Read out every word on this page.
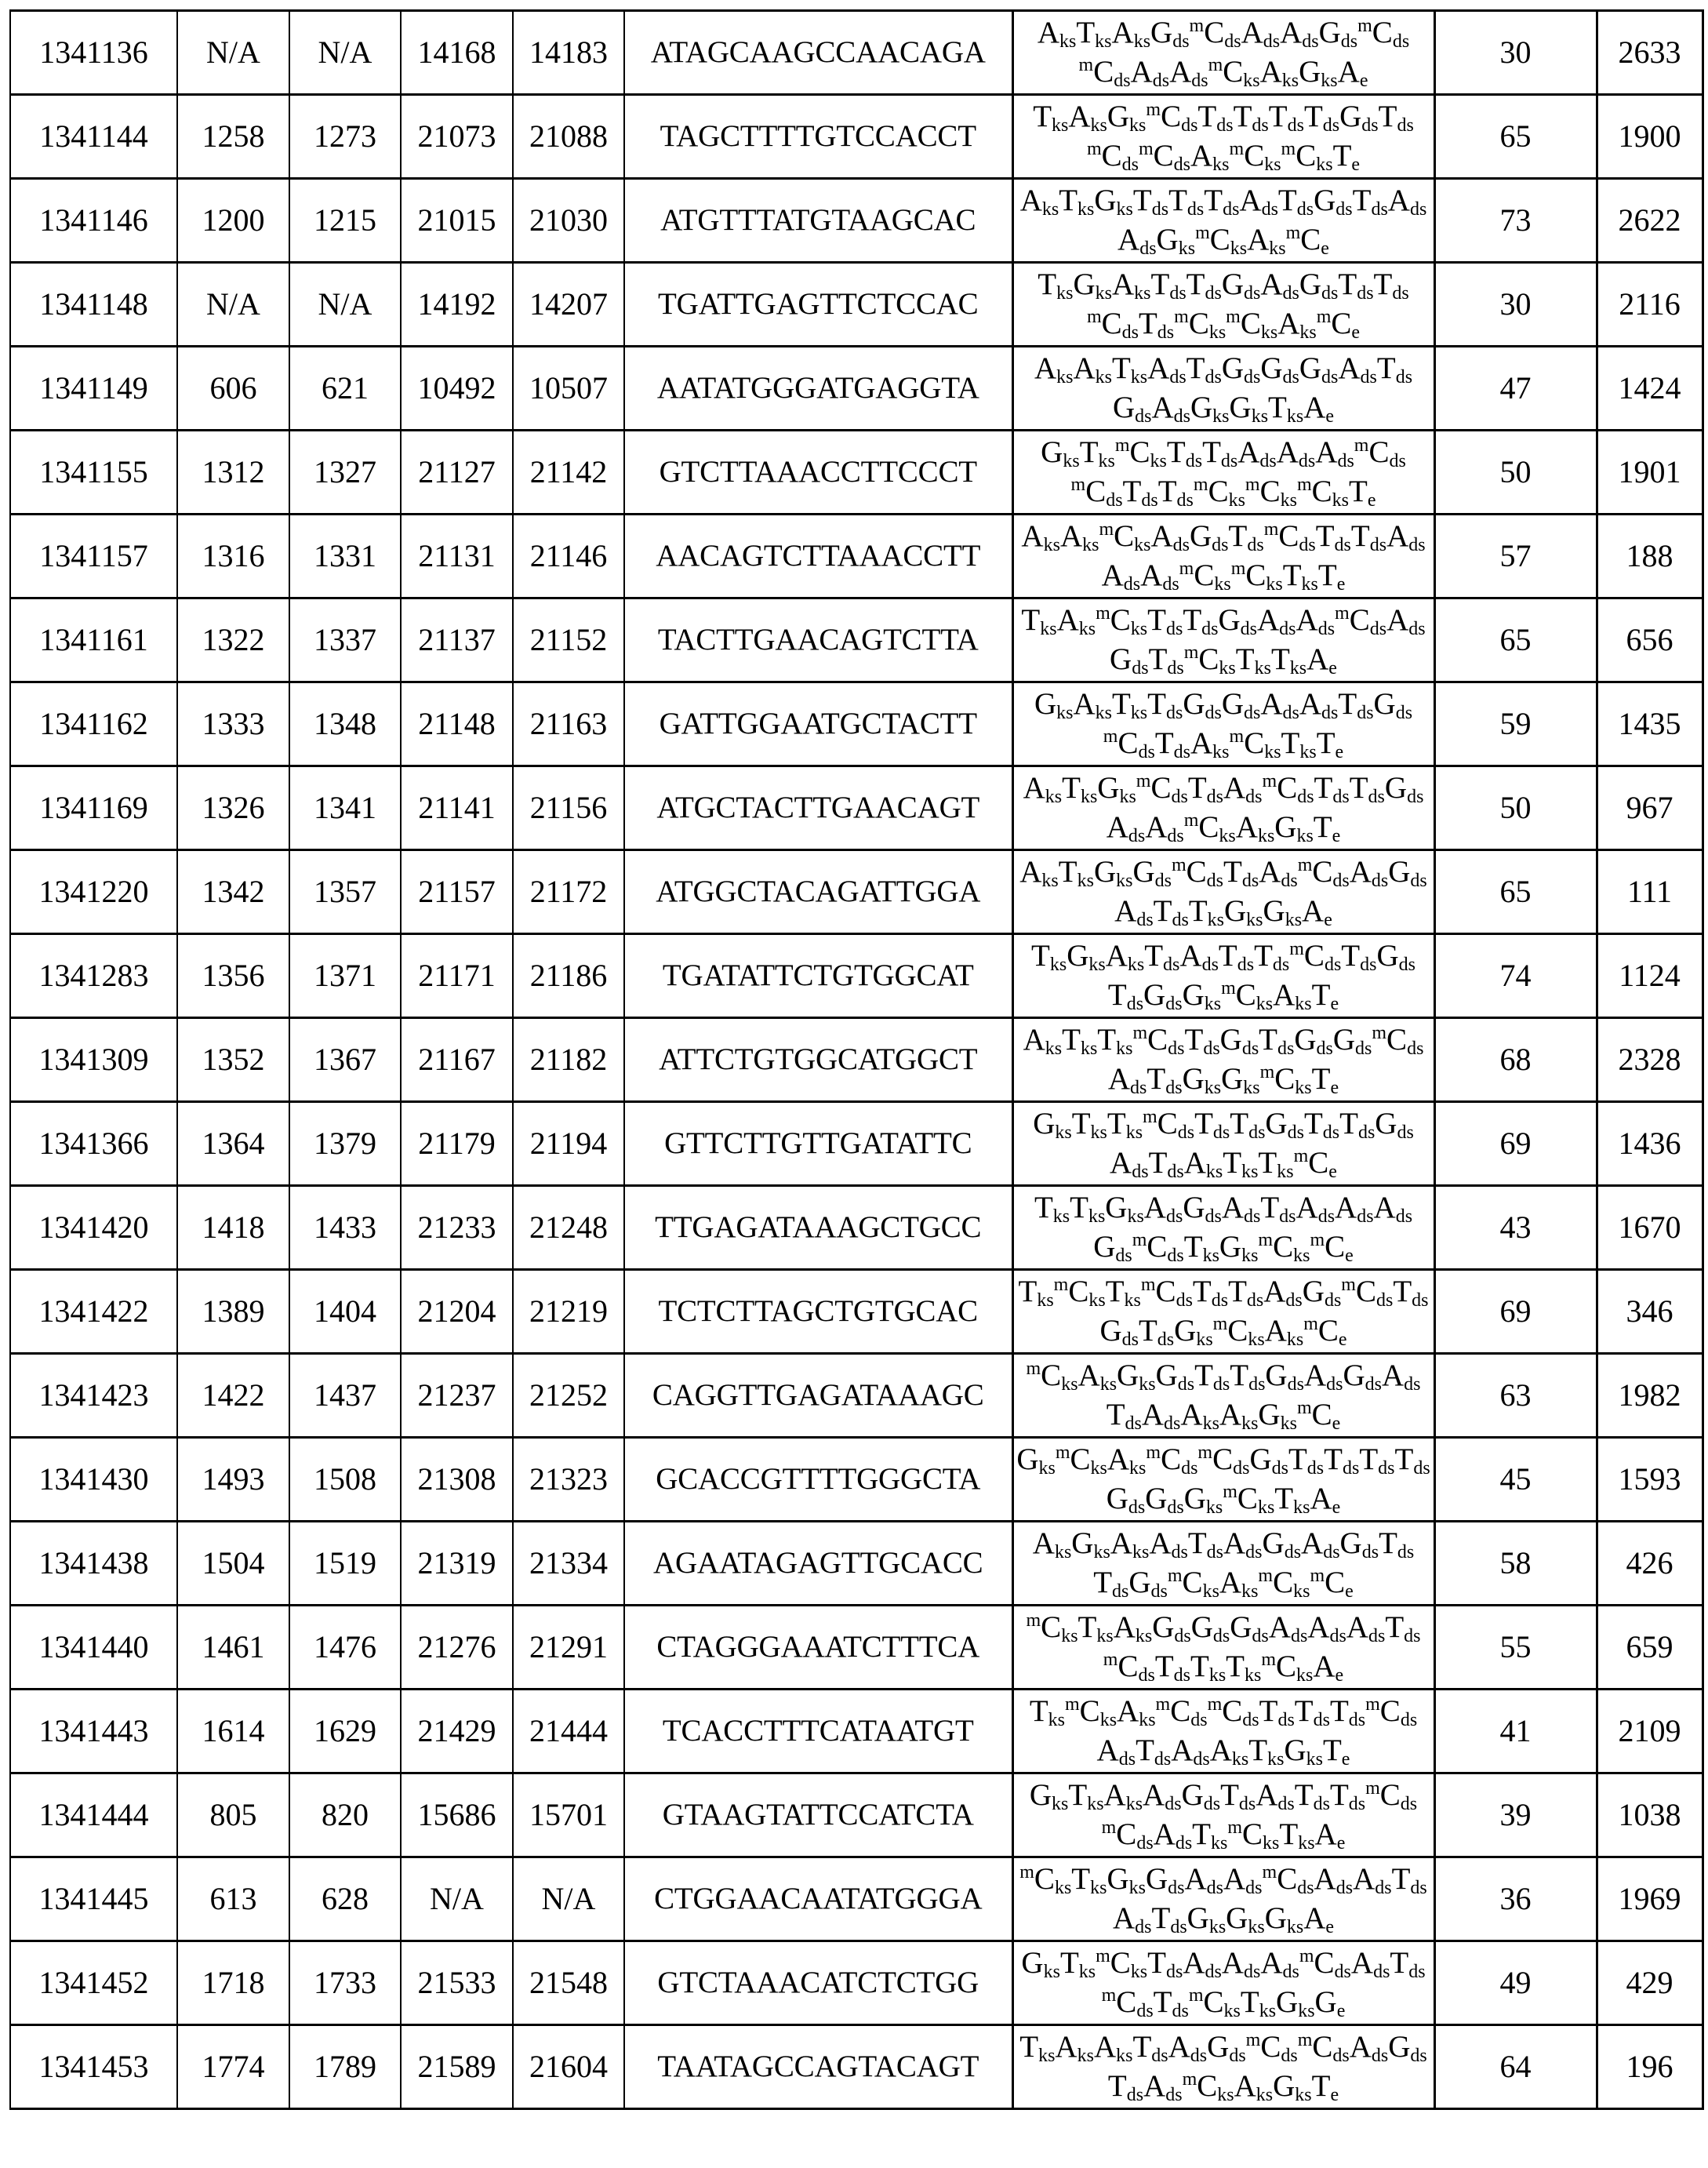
1341136	N/A	N/A	14168	14183	ATAGCAAGCCAACAGA	$A_{ks}T_{ks}A_{ks}G_{ds}^mC_{ds}A_{ds}A_{ds}G_{ds}^mC_{ds}^mC_{ds}A_{ds}A_{ds}^mC_{ks}A_{ks}G_{ks}A_e$	30	2633
1341144	1258	1273	21073	21088	TAGCTTTTGTCCACCT	$T_{ks}A_{ks}G_{ks}^mC_{ds}T_{ds}T_{ds}T_{ds}T_{ds}G_{ds}T_{ds}^mC_{ds}^mC_{ds}A_{ks}^mC_{ks}^mC_{ks}T_e$	65	1900
1341146	1200	1215	21015	21030	ATGTTTATGTAAGCAC	$A_{ks}T_{ks}G_{ks}T_{ds}T_{ds}T_{ds}A_{ds}T_{ds}G_{ds}T_{ds}A_{ds}A_{ds}G_{ks}^mC_{ks}A_{ks}^mC_e$	73	2622
1341148	N/A	N/A	14192	14207	TGATTGAGTTCTCCAC	$T_{ks}G_{ks}A_{ks}T_{ds}T_{ds}G_{ds}A_{ds}G_{ds}T_{ds}T_{ds}^mC_{ds}T_{ds}^mC_{ks}^mC_{ks}A_{ks}^mC_e$	30	2116
1341149	606	621	10492	10507	AATATGGGATGAGGTA	$A_{ks}A_{ks}T_{ks}A_{ds}T_{ds}G_{ds}G_{ds}G_{ds}A_{ds}T_{ds}G_{ds}A_{ds}G_{ks}G_{ks}T_{ks}A_e$	47	1424
1341155	1312	1327	21127	21142	GTCTTAAACCTTCCCT	$G_{ks}T_{ks}^mC_{ks}T_{ds}T_{ds}A_{ds}A_{ds}A_{ds}^mC_{ds}^mC_{ds}T_{ds}T_{ds}^mC_{ks}^mC_{ks}^mC_{ks}T_e$	50	1901
1341157	1316	1331	21131	21146	AACAGTCTTAAACCTT	$A_{ks}A_{ks}^mC_{ks}A_{ds}G_{ds}T_{ds}^mC_{ds}T_{ds}T_{ds}A_{ds}A_{ds}A_{ds}^mC_{ks}^mC_{ks}T_{ks}T_e$	57	188
1341161	1322	1337	21137	21152	TACTTGAACAGTCTTA	$T_{ks}A_{ks}^mC_{ks}T_{ds}T_{ds}G_{ds}A_{ds}A_{ds}^mC_{ds}A_{ds}G_{ds}T_{ds}^mC_{ks}T_{ks}T_{ks}A_e$	65	656
1341162	1333	1348	21148	21163	GATTGGAATGCTACTT	$G_{ks}A_{ks}T_{ks}T_{ds}G_{ds}G_{ds}A_{ds}A_{ds}T_{ds}G_{ds}^mC_{ds}T_{ds}A_{ks}^mC_{ks}T_{ks}T_e$	59	1435
1341169	1326	1341	21141	21156	ATGCTACTTGAACAGT	$A_{ks}T_{ks}G_{ks}^mC_{ds}T_{ds}A_{ds}^mC_{ds}T_{ds}T_{ds}G_{ds}A_{ds}A_{ds}^mC_{ks}A_{ks}G_{ks}T_e$	50	967
1341220	1342	1357	21157	21172	ATGGCTACAGATTGGA	$A_{ks}T_{ks}G_{ks}G_{ds}^mC_{ds}T_{ds}A_{ds}^mC_{ds}A_{ds}G_{ds}A_{ds}T_{ds}T_{ks}G_{ks}G_{ks}A_e$	65	111
1341283	1356	1371	21171	21186	TGATATTCTGTGGCAT	$T_{ks}G_{ks}A_{ks}T_{ds}A_{ds}T_{ds}T_{ds}^mC_{ds}T_{ds}G_{ds}T_{ds}G_{ds}G_{ks}^mC_{ks}A_{ks}T_e$	74	1124
1341309	1352	1367	21167	21182	ATTCTGTGGCATGGCT	$A_{ks}T_{ks}T_{ks}^mC_{ds}T_{ds}G_{ds}T_{ds}G_{ds}G_{ds}^mC_{ds}A_{ds}T_{ds}G_{ks}G_{ks}^mC_{ks}T_e$	68	2328
1341366	1364	1379	21179	21194	GTTCTTGTTGATATTC	$G_{ks}T_{ks}T_{ks}^mC_{ds}T_{ds}T_{ds}G_{ds}T_{ds}T_{ds}G_{ds}A_{ds}T_{ds}A_{ks}T_{ks}T_{ks}^mC_e$	69	1436
1341420	1418	1433	21233	21248	TTGAGATAAAGCTGCC	$T_{ks}T_{ks}G_{ks}A_{ds}G_{ds}A_{ds}T_{ds}A_{ds}A_{ds}A_{ds}G_{ds}^mC_{ds}T_{ks}G_{ks}^mC_{ks}^mC_e$	43	1670
1341422	1389	1404	21204	21219	TCTCTTAGCTGTGCAC	$T_{ks}^mC_{ks}T_{ks}^mC_{ds}T_{ds}T_{ds}A_{ds}G_{ds}^mC_{ds}T_{ds}G_{ds}T_{ds}G_{ks}^mC_{ks}A_{ks}^mC_e$	69	346
1341423	1422	1437	21237	21252	CAGGTTGAGATAAAGC	$^mC_{ks}A_{ks}G_{ks}G_{ds}T_{ds}T_{ds}G_{ds}A_{ds}G_{ds}A_{ds}T_{ds}A_{ds}A_{ks}A_{ks}G_{ks}^mC_e$	63	1982
1341430	1493	1508	21308	21323	GCACCGTTTTGGGCTA	$G_{ks}^mC_{ks}A_{ks}^mC_{ds}^mC_{ds}G_{ds}T_{ds}T_{ds}T_{ds}T_{ds}G_{ds}G_{ds}G_{ks}^mC_{ks}T_{ks}A_e$	45	1593
1341438	1504	1519	21319	21334	AGAATAGAGTTGCACC	$A_{ks}G_{ks}A_{ks}A_{ds}T_{ds}A_{ds}G_{ds}A_{ds}G_{ds}T_{ds}T_{ds}G_{ds}^mC_{ks}A_{ks}^mC_{ks}^mC_e$	58	426
1341440	1461	1476	21276	21291	CTAGGGAAATCTTTCA	$^mC_{ks}T_{ks}A_{ks}G_{ds}G_{ds}G_{ds}A_{ds}A_{ds}A_{ds}T_{ds}^mC_{ds}T_{ds}T_{ks}T_{ks}^mC_{ks}A_e$	55	659
1341443	1614	1629	21429	21444	TCACCTTTCATAATGT	$T_{ks}^mC_{ks}A_{ks}^mC_{ds}^mC_{ds}T_{ds}T_{ds}T_{ds}^mC_{ds}A_{ds}T_{ds}A_{ds}A_{ks}T_{ks}G_{ks}T_e$	41	2109
1341444	805	820	15686	15701	GTAAGTATTCCATCTA	$G_{ks}T_{ks}A_{ks}A_{ds}G_{ds}T_{ds}A_{ds}T_{ds}T_{ds}^mC_{ds}^mC_{ds}A_{ds}T_{ks}^mC_{ks}T_{ks}A_e$	39	1038
1341445	613	628	N/A	N/A	CTGGAACAATATGGGA	$^mC_{ks}T_{ks}G_{ks}G_{ds}A_{ds}A_{ds}^mC_{ds}A_{ds}A_{ds}T_{ds}A_{ds}T_{ds}G_{ks}G_{ks}G_{ks}A_e$	36	1969
1341452	1718	1733	21533	21548	GTCTAAACATCTCTGG	$G_{ks}T_{ks}^mC_{ks}T_{ds}A_{ds}A_{ds}A_{ds}^mC_{ds}A_{ds}T_{ds}^mC_{ds}T_{ds}^mC_{ks}T_{ks}G_{ks}G_e$	49	429
1341453	1774	1789	21589	21604	TAATAGCCAGTACAGT	$T_{ks}A_{ks}A_{ks}T_{ds}A_{ds}G_{ds}^mC_{ds}^mC_{ds}A_{ds}G_{ds}T_{ds}A_{ds}^mC_{ks}A_{ks}G_{ks}T_e$	64	196
